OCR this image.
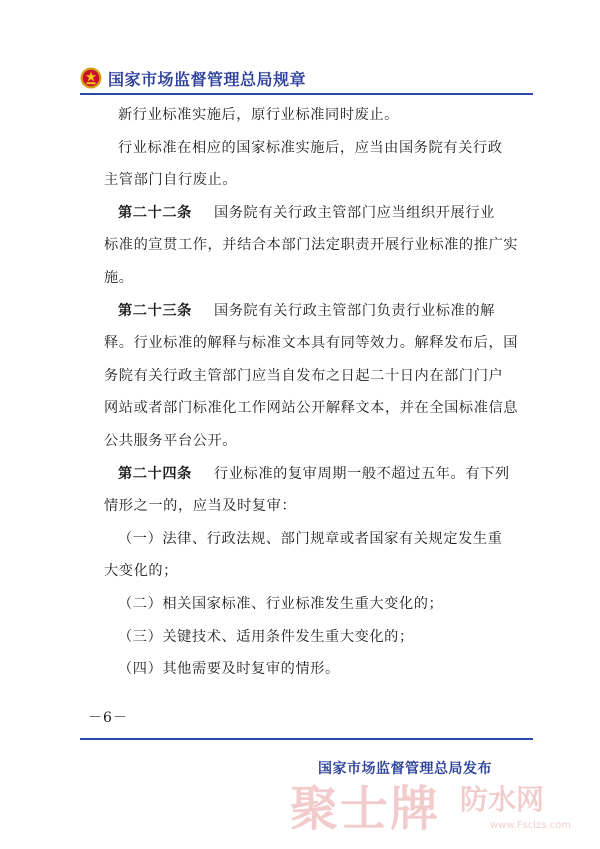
国家市场监督管理总局规章
新行业标准实施后，原行业标准同时废止。
行业标准在相应的国家标准实施后，应当由国务院有关行政
主管部门自行废止。
第二十二条 国务院有关行政主管部门应当组织开展行业
标准的宣贯工作，并结合本部门法定职责开展行业标准的推广实
施。
第二十三条 国务院有关行政主管部门负责行业标准的解
释。行业标准的解释与标准文本具有同等效力。解释发布后，国
务院有关行政主管部门应当自发布之日起二十日内在部门门户
网站或者部门标准化工作网站公开解释文本，并在全国标准信息
公共服务平台公开。
第二十四条 行业标准的复审周期一般不超过五年。有下列
情形之一的，应当及时复审：
（一）法律、行政法规、部门规章或者国家有关规定发生重
大变化的；
（二）相关国家标准、行业标准发生重大变化的；
（三）关键技术、适用条件发生重大变化的；
（四）其他需要及时复审的情形。
－6－
国家市场监督管理总局发布
聚士牌 防水网
www.Fsclzs.com
